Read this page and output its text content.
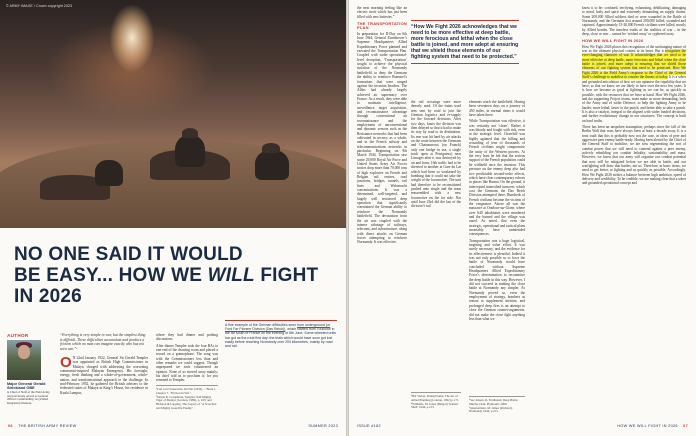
© ARMY IMAGE / Crown copyright 2023
NO ONE SAID IT WOULD
BE EASY... HOW WE WILL FIGHT IN 2026
AUTHOR
Major General Gerald Strickland OBE
is Chief of Staff of the Field Army, and previously served as General Officer Commanding 1st (United Kingdom) Division.
“Everything is very simple in war, but the simplest thing is difficult. These difficulties accumulate and produce a friction which no man can imagine exactly who has not seen war.”¹
O N 22nd January 1922, General Sir Gerald Templer was appointed as British High Commissioner in Malaya, charged with addressing the worsening communist-inspired Malayan Emergency. His foresight, energy, fresh thinking and a whole-of-government, whole-nation, and transformational approach to the challenge. In mid-February 1952, he gathered the British advisers to the federated states of Malaya in King’s House, his residence in Kuala Lumpur,

where they had dinner and probing discussions.

After dinner Templer took the four BAs to one end of the drawing room and placed a record on a gramophone. The song was with the Commissioners less than and other remarks we could suggest. Though unprepared we each volunteered an opinion. None of us moved away mainly; his chief told us to proclaim it; for you returned to Templer.

¹Carl von Clausewitz, On War (1832) – ‘Book I, Chapter 7, ‘Friction in War’.
²Simon R. Colquhoun, Templer: Kill Mighty Tiger of Malaya (London, 1989), p. 243; and Hickson & Lapping, The Legacy of ‘A Scorched and Mighty Guerrilla Enemy’.
A fine example of the German difficulties seen from underground (or Ford Far Pioneer Division (Das Reich)), which started from Toulouse in the far south of France on the evening of 6th June. Some wheeled units bar got as the rural first day: the trials which would have soon got lost easily before reaching Normandy over 200 kilometres, mainly by road and rail.
06 THE BRITISH ARMY REVIEW	SUMMER 2023

the next morning feeling like an electric torch which has just been filled with new batteries.”

THE TRANSPORTATION PLAN

In preparation for D-Day on 6th June 1944, General Eisenhower’s Supreme Headquarters Allied Expeditionary Force planned and executed the Transportation Plan. Coupled with wider operational-level deception, ‘Transportation’ sought to achieve the physical isolation of the Normandy battlefield, to deny the Germans the ability to reinforce Rommel’s formations that were ranged against the invasion beaches. The Allies had already largely achieved air supremacy over France. As a result, they were able to maintain intelligence, surveillance, target acquisition, and reconnaissance advantage through conventional air reconnaissance and the employment of unconventional and dynamic sensors such as the Resistance networks that had been cultivated in secrecy as a whole, and in the French railway and telecommunications networks in particular. Beginning on 9th March 1944, Transportation saw some 29,000 Royal Air Force and United States Army Air Forces sorties drop more than 70,000 tons of high explosive on French and Belgian rail centres, road junctions, bridges, tunnels, rail lines and Wehrmacht concentrations. It was a determined, well-targeted, and hugely well resourced deep operation that significantly constrained the German ability to reinforce the Normandy battlefield. The devastation from the air was coupled with the intense sabotage of railways, telecoms, and infrastructure, along with direct attacks on German forces attempting to reinforce Normandy. It was effective.

“How We Fight 2026 acknowledges that we need to be more effective at deep battle, more ferocious and lethal when the close battle is joined, and more adept at ensuring that we shield those elements of our fighting system that need to be protected.”

the rail crossings were more densely used. Of the trains used tens sent by road to join the German logistics and re-supply for the forward divisions. After two days, hours the division was then delayed so that it had to make its way by road to its destination. Its rear was hit hard by air attacks on the route between the Germans and Chateaurroux (on Franck) only one bridge in use, a single track open at Perrigueux) near Limoges after it was destroyed by air and from; 16th traffic had to be diverted to another at Gare du Lai which had been so weakened by bombing that it could not take the weight of the locomotive. The unit had therefore to be reconstituted pushed onto single and the team reassembled with a new locomotive on the far side. Not until June 23rd did the last of the division’s rail

³Hal Varian, Pennsylvania: The Art of Allied Planning (London, 1992) p.171.
⁴Williams, M. Jones (Bengal) ‘Kinetic Shell’ 1944, p.213.

elements reach the battlefield. Having been seventeen days on a journey of 450 miles, in normal times it would have taken three.

While Transportation was effective, it was certainly not ‘clean’. Rather it was bloody and fought with risk, even at the strategic level. Churchill was highly agitated that the killing and wounding of tens of thousands of French civilians might compromise the unity of the Western powers. At the very least he felt that the serious support of the French population could be withheld once the invasion. This pressure on the enemy deep also had two predictable second-order effects, which have clear contemporary echoes in places like Burma. On the ground, it intercepted intensified turnover, which cost the Germans the Das Reich Division attempted there, Hundreds of French civilians became the victims of the vengeance. Above all was the massacre at Oradour-sur-Glane, where over 640 inhabitants were murdered and the burned and the village was razed. As noted, that even the strategic, operational and tactical plans invariably have unintended consequences.

Transportation was a huge logistical, targeting and value effort. It was surely necessary, and the evidence for its effectiveness is plentiful. Indeed it was not only possible so to force the battle of Normandy would have concluded without Supreme Headquarters Allied Expeditionary Force’s determination to reconnoitre the deep battle in this way. However, I did not succeed in making the close battle at Normandy any simpler. As Normandy proved so, even the employment of strategy, bombers as reason to supplement attrition, and prolonged deep fires is an attempt to close the German counter-arguments, did not make the close fight anything less than what we

⁵See Jensen, R. Ferdinand. Deep Battle: Murder 1944, Plymouth: 2000.
⁶Quartermain, M. James (Richard), Normandy 1944, p.213.

know it to be: confused, terrifying, exhausting, debilitating, damaging to mind, body and spirit and extremely demanding on supply chains. Some 209,000 Allied soldiers died or were wounded in the Battle of Normandy, and the Germans lost around 200,000 killed, wounded and captured. Approximately 15-20,000 French civilians were killed, mostly by Allied bombs. The timeless truths of the realities of war – in the deep, close or rear – cannot be ‘wished away’ or cyphered away.

HOW WE WILL FIGHT IN 2026

How We Fight 2026 places this recognition of the unchanging nature of war as the ultimate physical contest at its heart. But it recognises the ever-changing character of war. It acknowledges that we need to be more effective at deep battle, more ferocious and lethal when the close battle is joined, and more adept at ensuring that we shield those elements of our fighting system that need to be protected. How We Fight 2026 is the Field Army’s response to the Chief of the General Staff’s challenge to mobilise to counter the threats of today. It is a sober and grounded articulation of how we can optimise the capability that we have, so that we know we are likely to have over the next few years. It is how we become as good at fighting as we can be, as quickly as possible, with the resources that we have at hand. How We Fight 2026, and the supporting Project teams, must make us more demanding, both of the Army and of wider Defence, to help the fighting Army to be harder, more lethal, faster to the punch, and better able to take a punch. It is also a catalyst, integral to the aligned with wider funded decisions, and further evolutionary change in our structures. The concept is built on hard truths.

There has been an unspoken assumption, perhaps since the fall of the Berlin Wall that wars have always been at least a decade away. It is a trust truth that this is probably now not the case, as ideas of peer and aggressive peer enemy battle-ready. Having been alerted by the Chief of the General Staff to mobilise, we are now regenerating the sort of combat power that we will need to contend against a peer enemy, actively rebuilding our combat lethality, sustainability and mass. However, we know that our army will organise our combat potential that now will be mitigated before we are able in battle, and our warfighting will draw that battles, not us. Therefore, in basic terms, we need to get better, at fighting and as quickly as possible. Accordingly, How We Fight 2026 strikes a balance between high ambition, speed of delivery and credibility. To be credible, we are making clear that a sober and grounded operational concept and

ISSUE #182	HOW WE WILL FIGHT IN 2026 07
